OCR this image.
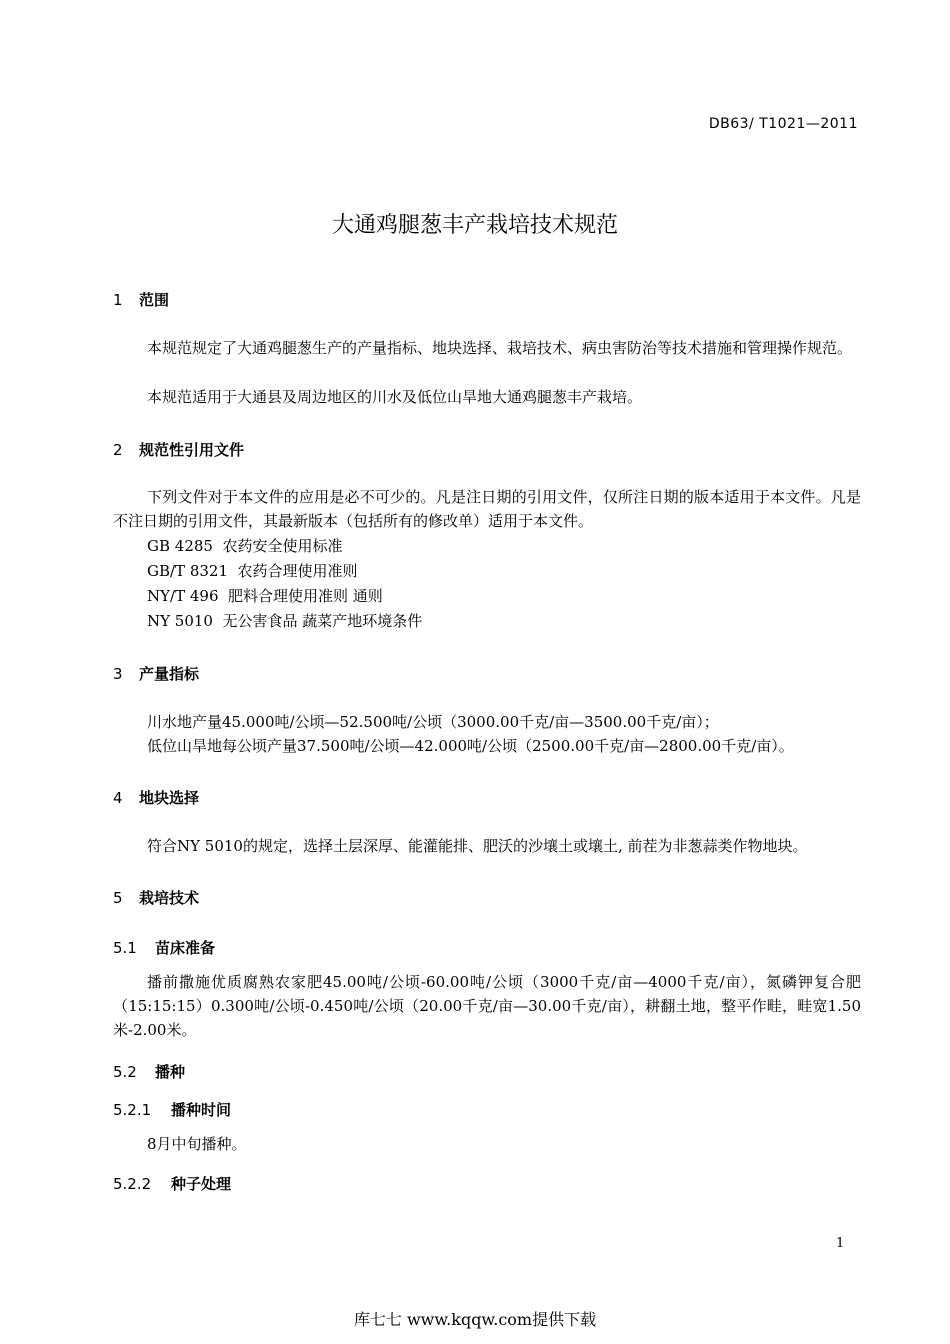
DB63/ T1021—2011
大通鸡腿葱丰产栽培技术规范
1 范围
本规范规定了大通鸡腿葱生产的产量指标、地块选择、栽培技术、病虫害防治等技术措施和管理操作规范。
本规范适用于大通县及周边地区的川水及低位山旱地大通鸡腿葱丰产栽培。
2 规范性引用文件
下列文件对于本文件的应用是必不可少的。凡是注日期的引用文件，仅所注日期的版本适用于本文件。凡是不注日期的引用文件，其最新版本（包括所有的修改单）适用于本文件。
GB 4285  农药安全使用标准
GB/T 8321  农药合理使用准则
NY/T 496  肥料合理使用准则 通则
NY 5010  无公害食品 蔬菜产地环境条件
3 产量指标
川水地产量45.000吨/公顷—52.500吨/公顷（3000.00千克/亩—3500.00千克/亩）；
低位山旱地每公顷产量37.500吨/公顷—42.000吨/公顷（2500.00千克/亩—2800.00千克/亩）。
4 地块选择
符合NY 5010的规定，选择土层深厚、能灌能排、肥沃的沙壤土或壤土, 前茬为非葱蒜类作物地块。
5 栽培技术
5.1 苗床准备
播前撒施优质腐熟农家肥45.00吨/公顷-60.00吨/公顷（3000千克/亩—4000千克/亩），氮磷钾复合肥（15:15:15）0.300吨/公顷-0.450吨/公顷（20.00千克/亩—30.00千克/亩），耕翻土地，整平作畦，畦宽1.50米-2.00米。
5.2 播种
5.2.1 播种时间
8月中旬播种。
5.2.2 种子处理
1
库七七 www.kqqw.com提供下载
